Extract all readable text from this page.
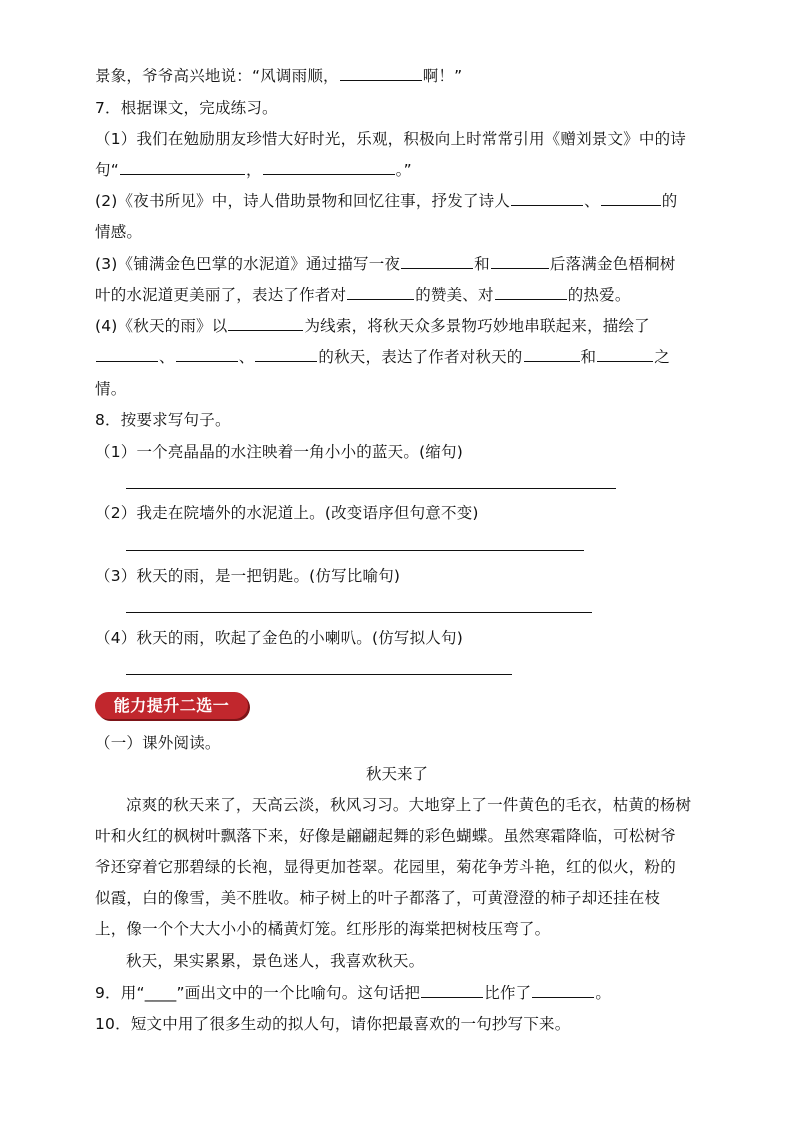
景象，爷爷高兴地说：“风调雨顺，	啊！”
7．根据课文，完成练习。
（1）我们在勉励朋友珍惜大好时光，乐观，积极向上时常常引用《赠刘景文》中的诗
句“	，	。”
(2)《夜书所见》中，诗人借助景物和回忆往事，抒发了诗人	、	的
情感。
(3)《铺满金色巴掌的水泥道》通过描写一夜	和	后落满金色梧桐树
叶的水泥道更美丽了，表达了作者对	的赞美、对	的热爱。
(4)《秋天的雨》以	为线索，将秋天众多景物巧妙地串联起来，描绘了
、	、	的秋天，表达了作者对秋天的	和	之
情。
8．按要求写句子。
（1）一个亮晶晶的水注映着一角小小的蓝天。(缩句)
（2）我走在院墙外的水泥道上。(改变语序但句意不变)
（3）秋天的雨，是一把钥匙。(仿写比喻句)
（4）秋天的雨，吹起了金色的小喇叭。(仿写拟人句)
能力提升二选一
（一）课外阅读。
秋天来了
凉爽的秋天来了，天高云淡，秋风习习。大地穿上了一件黄色的毛衣，枯黄的杨树
叶和火红的枫树叶飘落下来，好像是翩翩起舞的彩色蝴蝶。虽然寒霜降临，可松树爷
爷还穿着它那碧绿的长袍，显得更加苍翠。花园里，菊花争芳斗艳，红的似火，粉的
似霞，白的像雪，美不胜收。柿子树上的叶子都落了，可黄澄澄的柿子却还挂在枝
上，像一个个大大小小的橘黄灯笼。红彤彤的海棠把树枝压弯了。
秋天，果实累累，景色迷人，我喜欢秋天。
9．用“____”画出文中的一个比喻句。这句话把	比作了	。
10．短文中用了很多生动的拟人句，请你把最喜欢的一句抄写下来。
